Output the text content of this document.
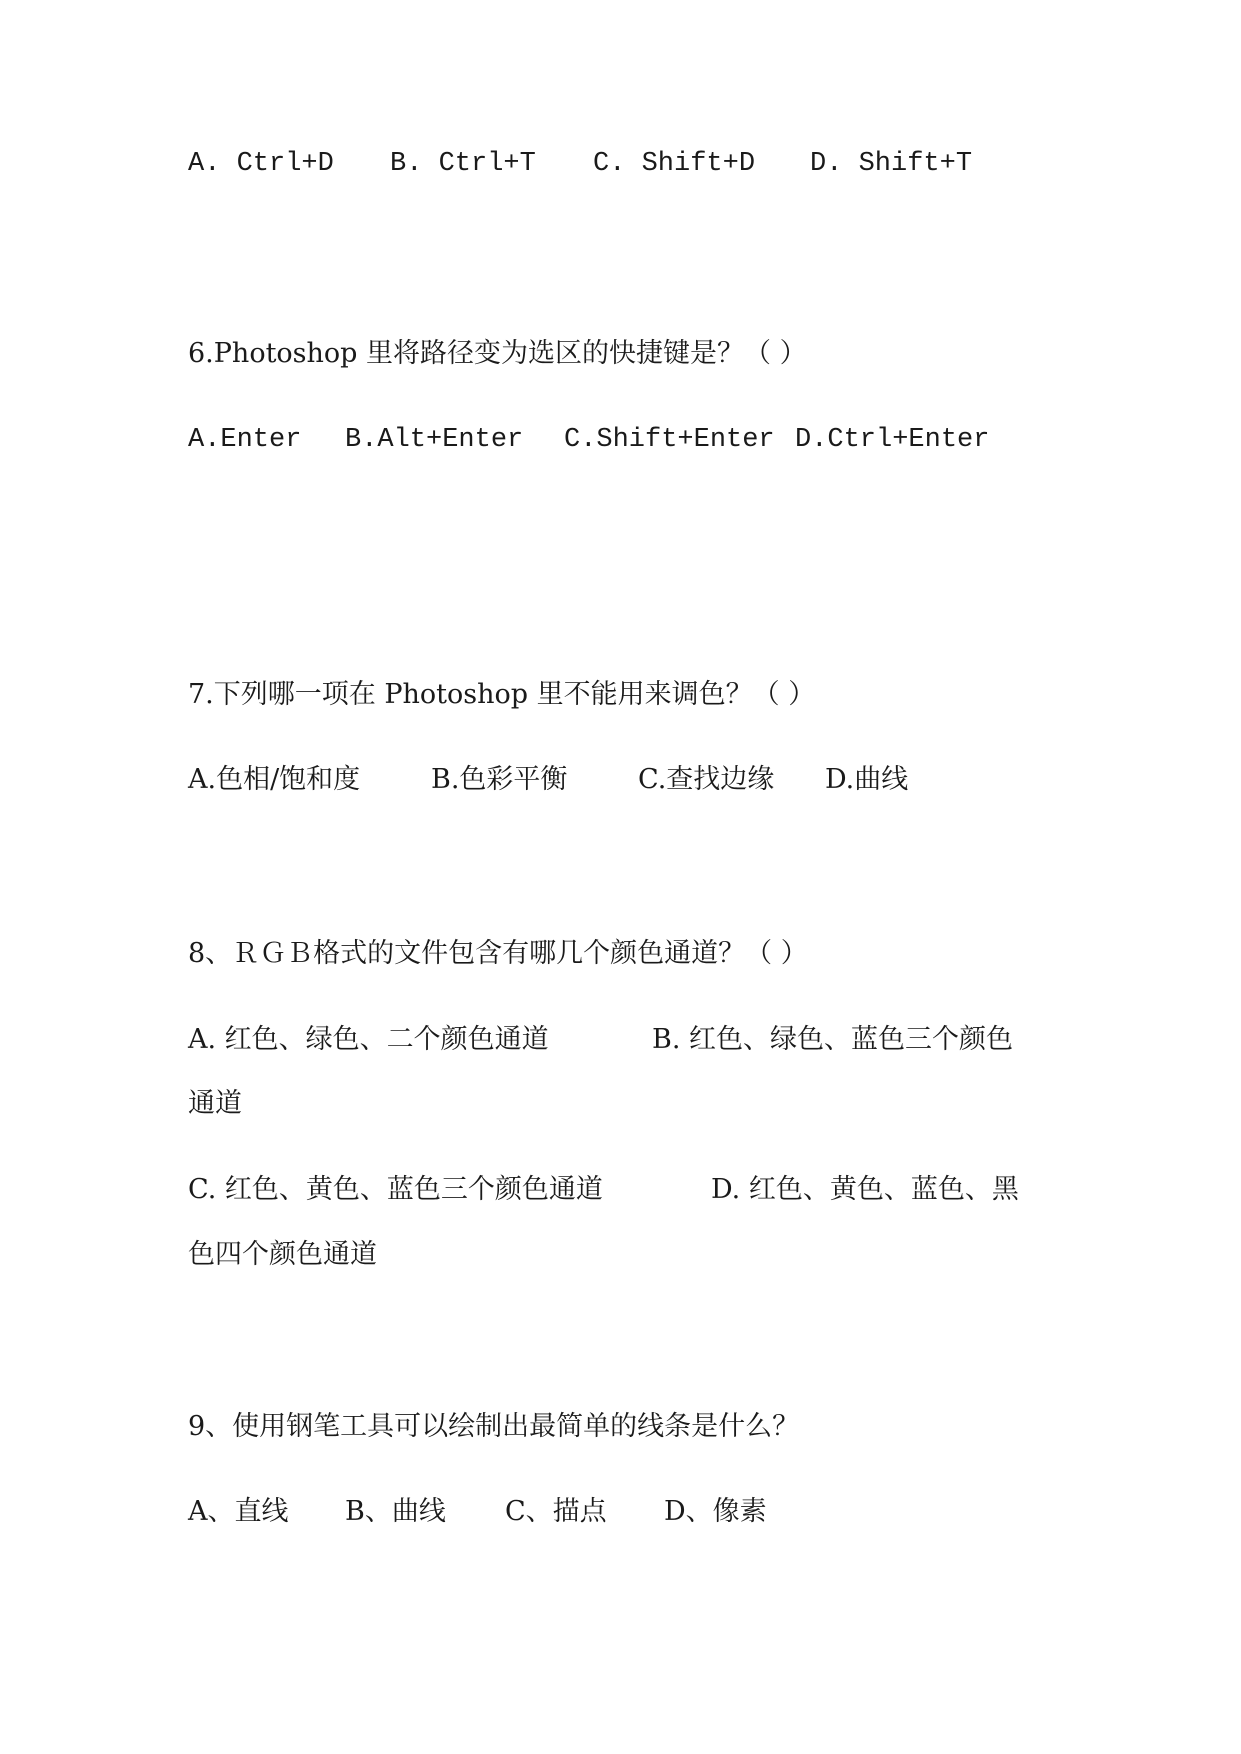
A. Ctrl+D B. Ctrl+T C. Shift+D D. Shift+T
6.Photoshop 里将路径变为选区的快捷键是？（ ）
A.Enter B.Alt+Enter C.Shift+Enter D.Ctrl+Enter
7.下列哪一项在 Photoshop 里不能用来调色？（ ）
A.色相/饱和度	B.色彩平衡	C.查找边缘 D.曲线
8、ＲＧＢ格式的文件包含有哪几个颜色通道？（ ）
A. 红色、绿色、二个颜色通道	B. 红色、绿色、蓝色三个颜色
通道
C. 红色、黄色、蓝色三个颜色通道	D. 红色、黄色、蓝色、黑
色四个颜色通道
9、使用钢笔工具可以绘制出最简单的线条是什么？
A、直线 B、曲线 C、描点 D、像素
